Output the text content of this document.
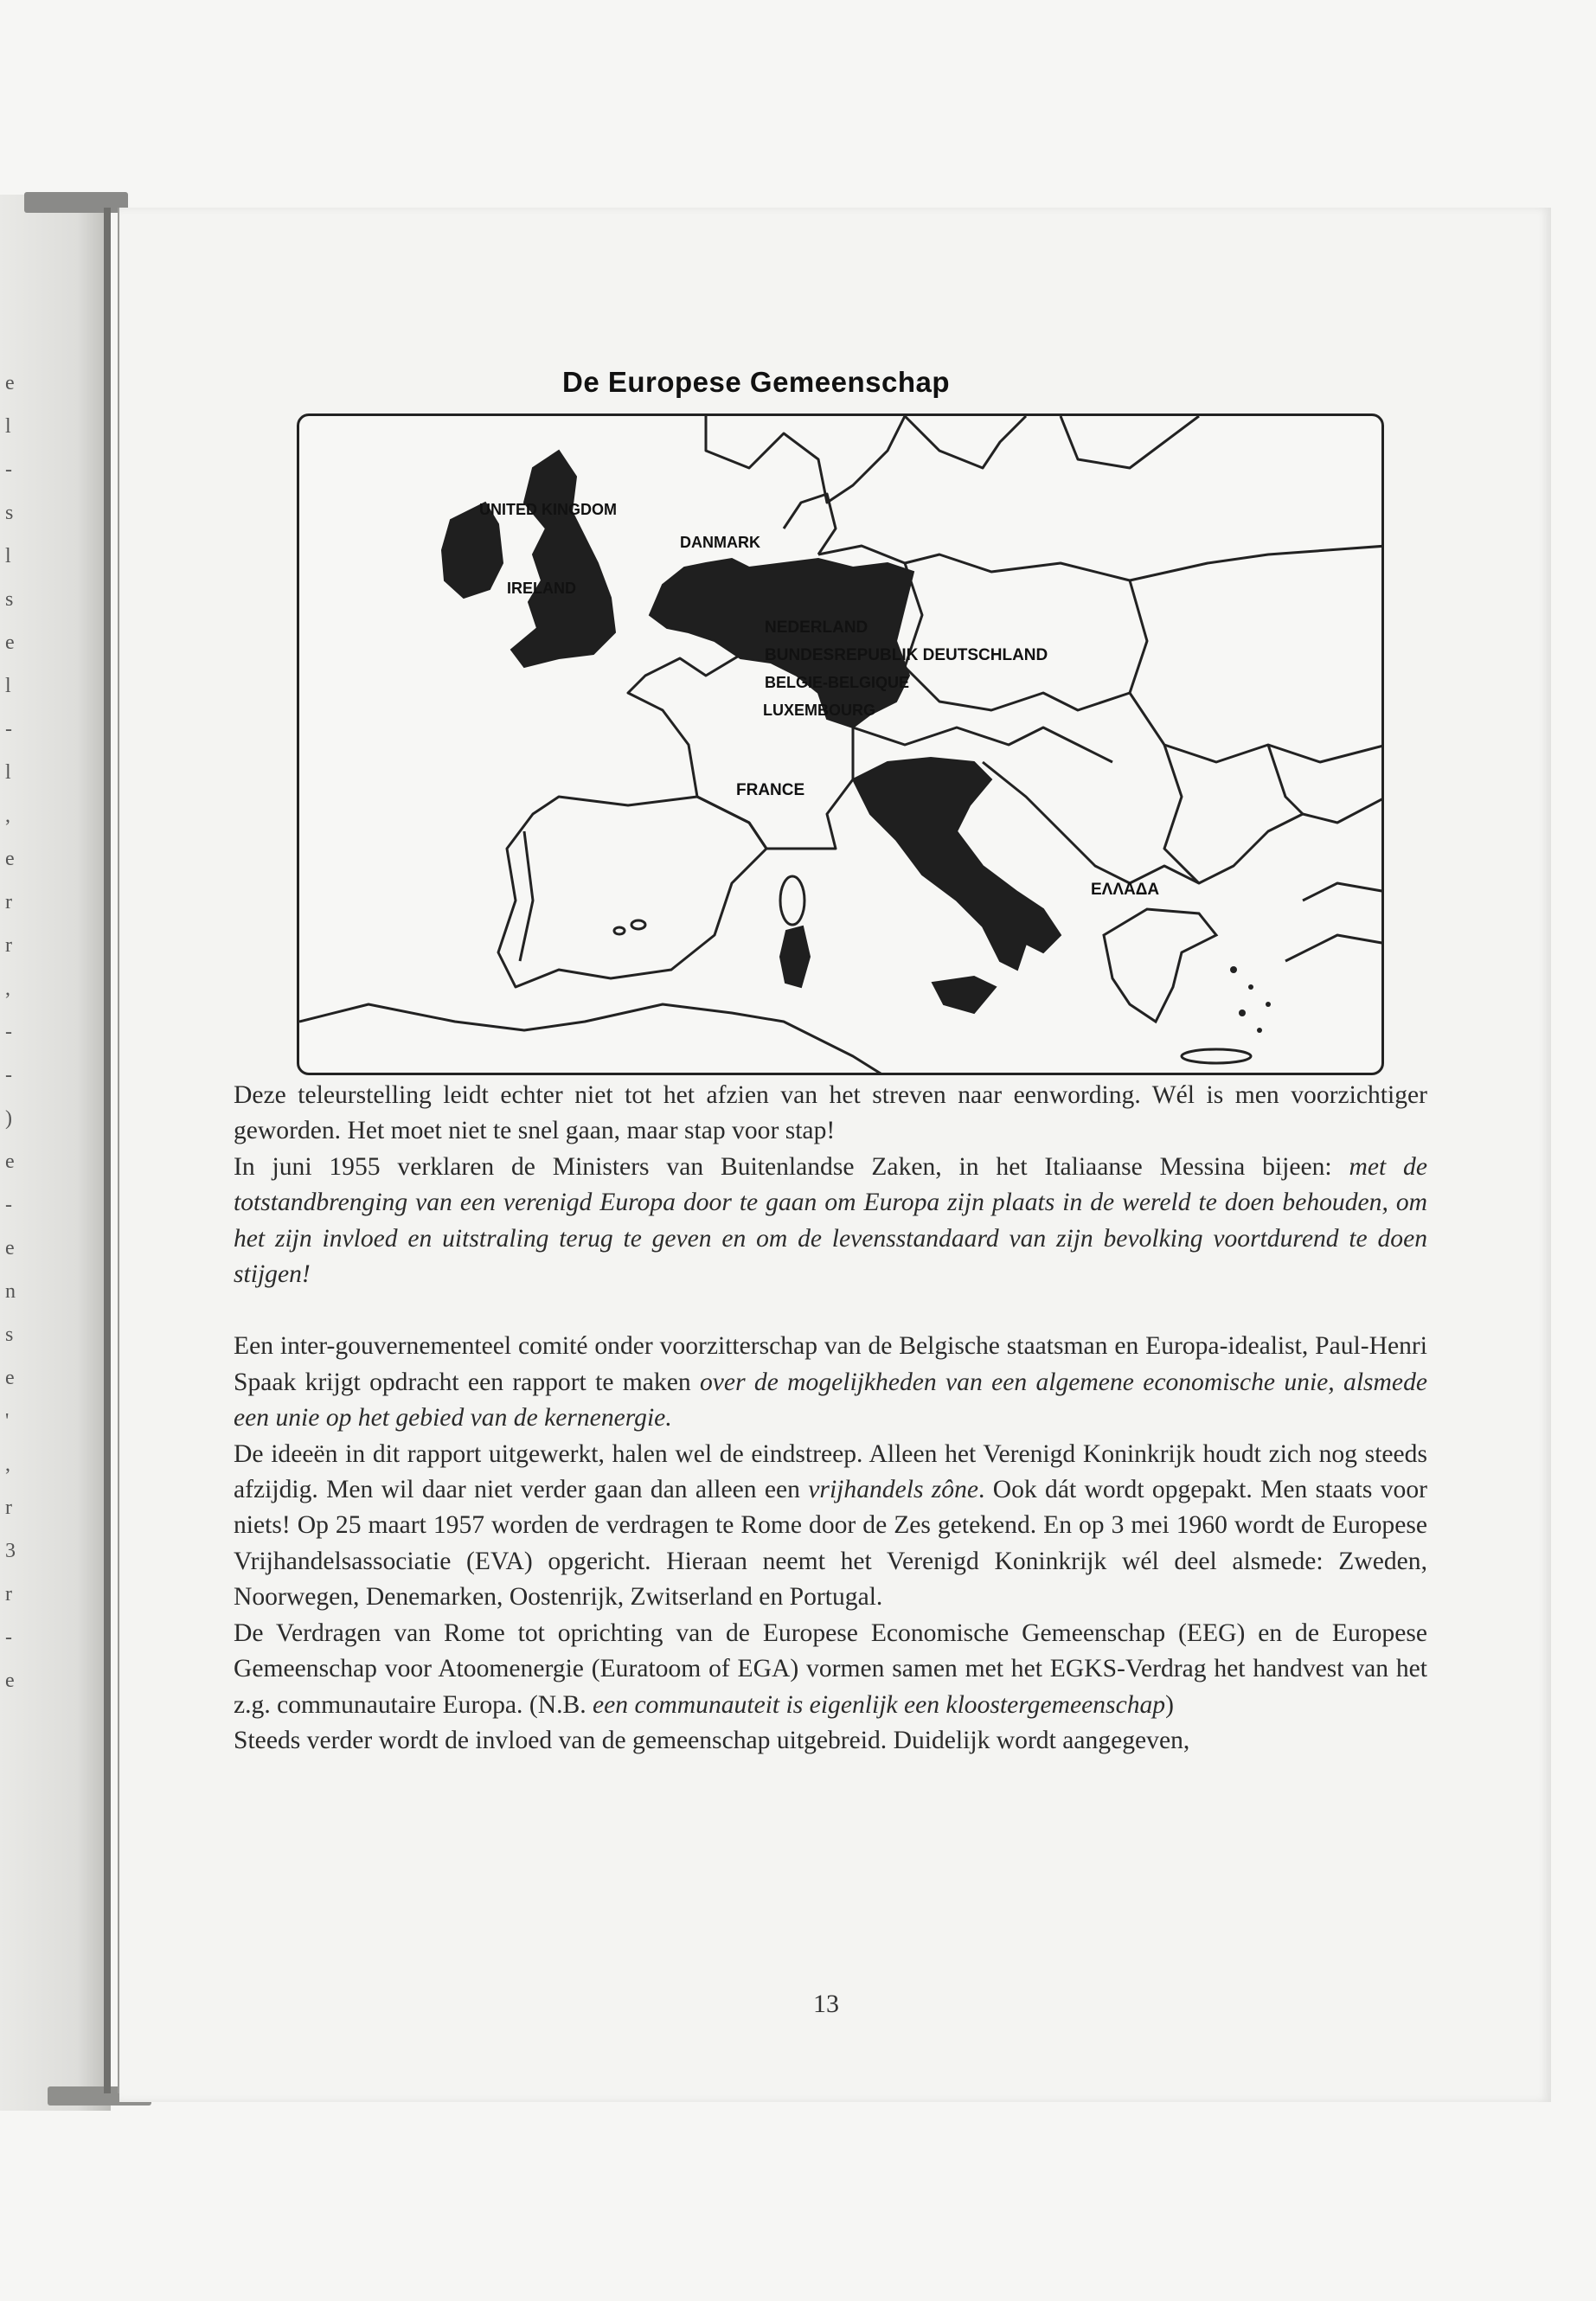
e
l
-
s
l
s
e
l
-
l
,
e
r
r
,
-
-
)
e
-
e
n
s
e
'
,
r
3
r
-
e
De Europese Gemeenschap
UNITED KINGDOM
IRELAND
DANMARK
NEDERLAND
BUNDESREPUBLIK DEUTSCHLAND
BELGIE-BELGIQUE
LUXEMBOURG
FRANCE
ΕΛΛΑΔΑ

Deze teleurstelling leidt echter niet tot het afzien van het streven naar eenwording. Wél is men voorzichtiger geworden. Het moet niet te snel gaan, maar stap voor stap!

In juni 1955 verklaren de Ministers van Buitenlandse Zaken, in het Italiaanse Messina bijeen: met de totstandbrenging van een verenigd Europa door te gaan om Europa zijn plaats in de wereld te doen behouden, om het zijn invloed en uitstraling terug te geven en om de levensstandaard van zijn bevolking voortdurend te doen stijgen!

Een inter-gouvernementeel comité onder voorzitterschap van de Belgische staatsman en Europa-idealist, Paul-Henri Spaak krijgt opdracht een rapport te maken over de mogelijkheden van een algemene economische unie, alsmede een unie op het gebied van de kernenergie.

De ideeën in dit rapport uitgewerkt, halen wel de eindstreep. Alleen het Verenigd Koninkrijk houdt zich nog steeds afzijdig. Men wil daar niet verder gaan dan alleen een vrijhandels zône. Ook dát wordt opgepakt. Men staats voor niets! Op 25 maart 1957 worden de verdragen te Rome door de Zes getekend. En op 3 mei 1960 wordt de Europese Vrijhandelsassociatie (EVA) opgericht. Hieraan neemt het Verenigd Koninkrijk wél deel alsmede: Zweden, Noorwegen, Denemarken, Oostenrijk, Zwitserland en Portugal.

De Verdragen van Rome tot oprichting van de Europese Economische Gemeenschap (EEG) en de Europese Gemeenschap voor Atoomenergie (Euratoom of EGA) vormen samen met het EGKS-Verdrag het handvest van het z.g. communautaire Europa. (N.B. een communauteit is eigenlijk een kloostergemeenschap)

Steeds verder wordt de invloed van de gemeenschap uitgebreid. Duidelijk wordt aangegeven,

13
